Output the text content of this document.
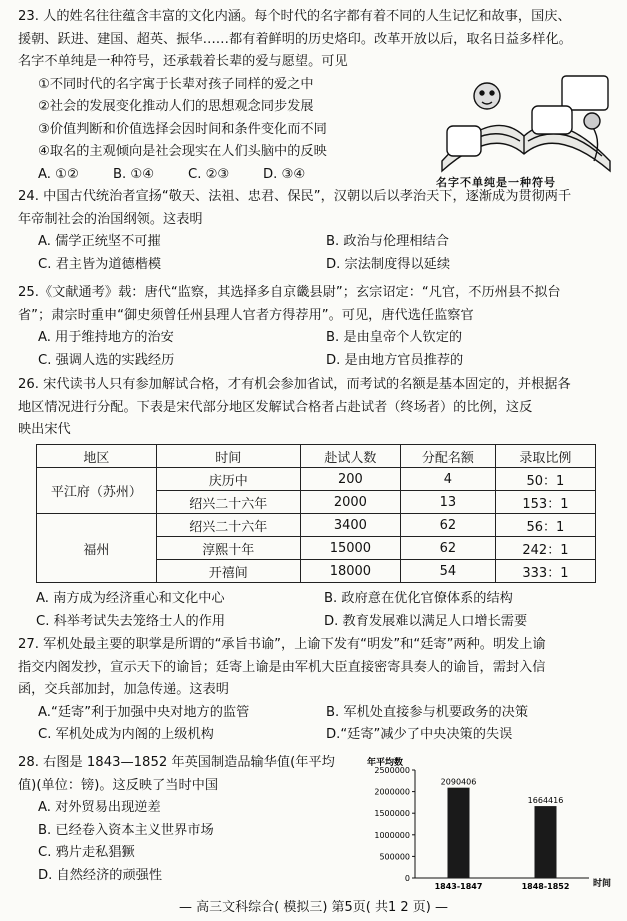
23. 人的姓名往往蕴含丰富的文化内涵。每个时代的名字都有着不同的人生记忆和故事，国庆、
援朝、跃进、建国、超英、振华……都有着鲜明的历史烙印。改革开放以后，取名日益多样化。
名字不单纯是一种符号，还承载着长辈的爱与愿望。可见
①不同时代的名字寓于长辈对孩子同样的爱之中
②社会的发展变化推动人们的思想观念同步发展
③价值判断和价值选择会因时间和条件变化而不同
④取名的主观倾向是社会现实在人们头脑中的反映
A. ①②	B. ①④	C. ②③	D. ③④
名字不单纯是一种符号
24. 中国古代统治者宣扬“敬天、法祖、忠君、保民”，汉朝以后以孝治天下，逐渐成为贯彻两千
年帝制社会的治国纲领。这表明
A. 儒学正统坚不可摧	B. 政治与伦理相结合
C. 君主皆为道德楷模	D. 宗法制度得以延续
25.《文献通考》载：唐代“监察，其选择多自京畿县尉”；玄宗诏定：“凡官，不历州县不拟台
省”；肃宗时重申“御史须曾任州县理人官者方得荐用”。可见，唐代选任监察官
A. 用于维持地方的治安	B. 是由皇帝个人钦定的
C. 强调人选的实践经历	D. 是由地方官员推荐的
26. 宋代读书人只有参加解试合格，才有机会参加省试，而考试的名额是基本固定的，并根据各
地区情况进行分配。下表是宋代部分地区发解试合格者占赴试者（终场者）的比例，这反
映出宋代
地区	时间	赴试人数	分配名额	录取比例
平江府（苏州）	庆历中	200	4	50：1
	绍兴二十六年	2000	13	153：1
福州	绍兴二十六年	3400	62	56：1
	淳熙十年	15000	62	242：1
	开禧间	18000	54	333：1
A. 南方成为经济重心和文化中心	B. 政府意在优化官僚体系的结构
C. 科举考试失去笼络士人的作用	D. 教育发展难以满足人口增长需要
27. 军机处最主要的职掌是所谓的“承旨书谕”，上谕下发有“明发”和“廷寄”两种。明发上谕
指交内阁发抄，宣示天下的谕旨；廷寄上谕是由军机大臣直接密寄具奏人的谕旨，需封入信
函，交兵部加封，加急传递。这表明
A.“廷寄”利于加强中央对地方的监管	B. 军机处直接参与机要政务的决策
C. 军机处成为内阁的上级机构	D.“廷寄”减少了中央决策的失误
28. 右图是 1843—1852 年英国制造品输华值(年平均
值)(单位：镑)。这反映了当时中国
A. 对外贸易出现逆差
B. 已经卷入资本主义世界市场
C. 鸦片走私猖獗
D. 自然经济的顽强性
年平均数
时间
0
500000
1000000
1500000
2000000
2500000
2090406
1843-1847
1664416
1848-1852
— 高三文科综合( 模拟三) 第5页( 共1 2 页) —
